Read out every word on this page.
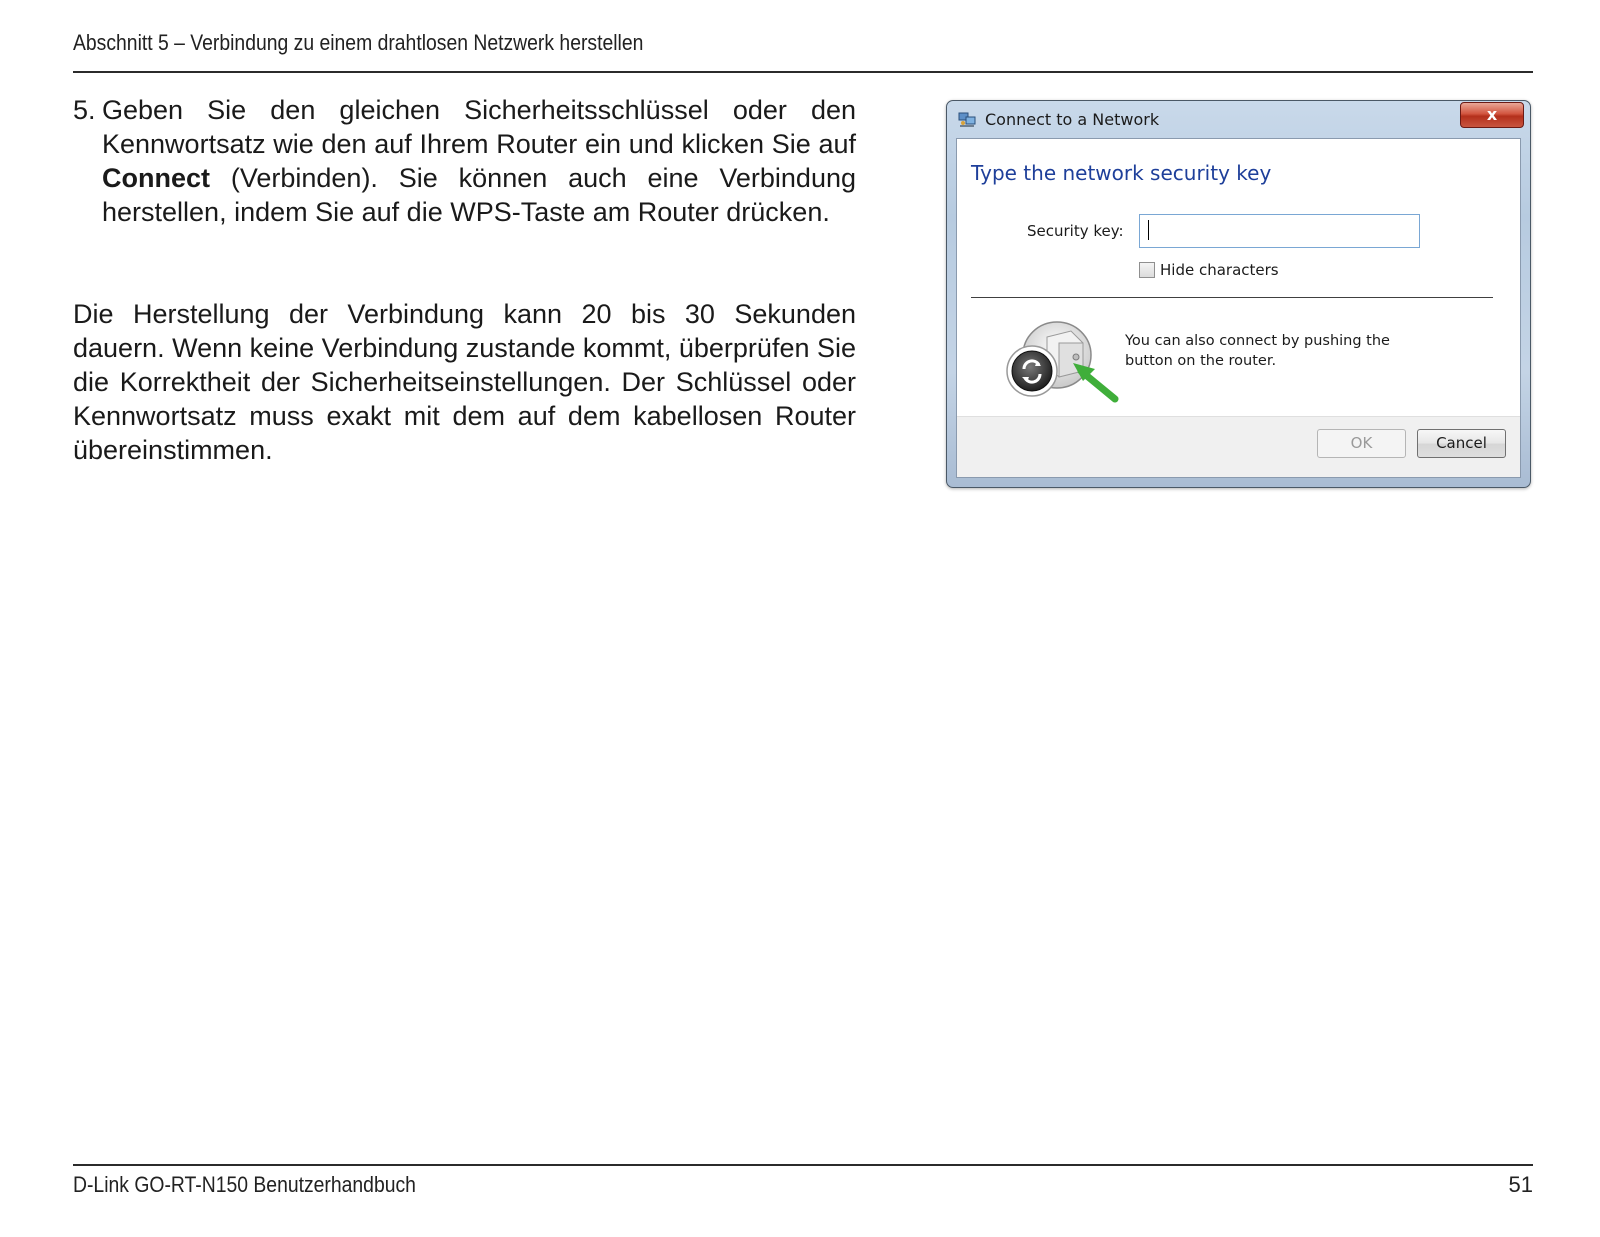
Abschnitt 5 – Verbindung zu einem drahtlosen Netzwerk herstellen
5. Geben Sie den gleichen Sicherheitsschlüssel oder den Kennwortsatz wie den auf Ihrem Router ein und klicken Sie auf Connect (Verbinden). Sie können auch eine Verbindung herstellen, indem Sie auf die WPS-Taste am Router drücken.
Die Herstellung der Verbindung kann 20 bis 30 Sekunden dauern. Wenn keine Verbindung zustande kommt, überprüfen Sie die Korrektheit der Sicherheitseinstellungen. Der Schlüssel oder Kennwortsatz muss exakt mit dem auf dem kabellosen Router übereinstimmen.
Connect to a Network	x
Type the network security key
Security key:
Hide characters
You can also connect by pushing the button on the router.
OK	Cancel
D-Link GO-RT-N150 Benutzerhandbuch	51
